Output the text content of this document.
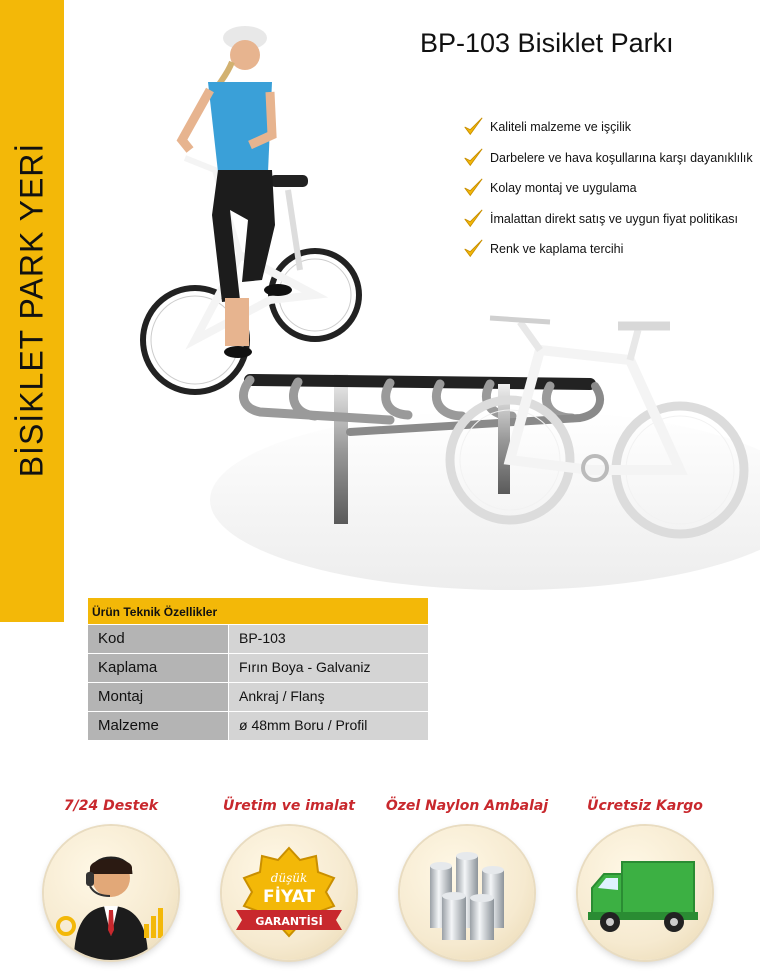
BİSİKLET PARK YERİ
BP-103 Bisiklet Parkı
Kaliteli malzeme ve işçilik
Darbelere ve hava koşullarına karşı dayanıklılık
Kolay montaj ve uygulama
İmalattan direkt satış ve uygun fiyat politikası
Renk ve kaplama tercihi
Ürün Teknik Özellikler
Kod	BP-103
Kaplama	Fırın Boya - Galvaniz
Montaj	Ankraj / Flanş
Malzeme	ø 48mm Boru / Profil
7/24 Destek	Üretim ve imalat
düşük
FİYAT
GARANTİSİ
Özel Naylon Ambalaj	Ücretsiz Kargo
